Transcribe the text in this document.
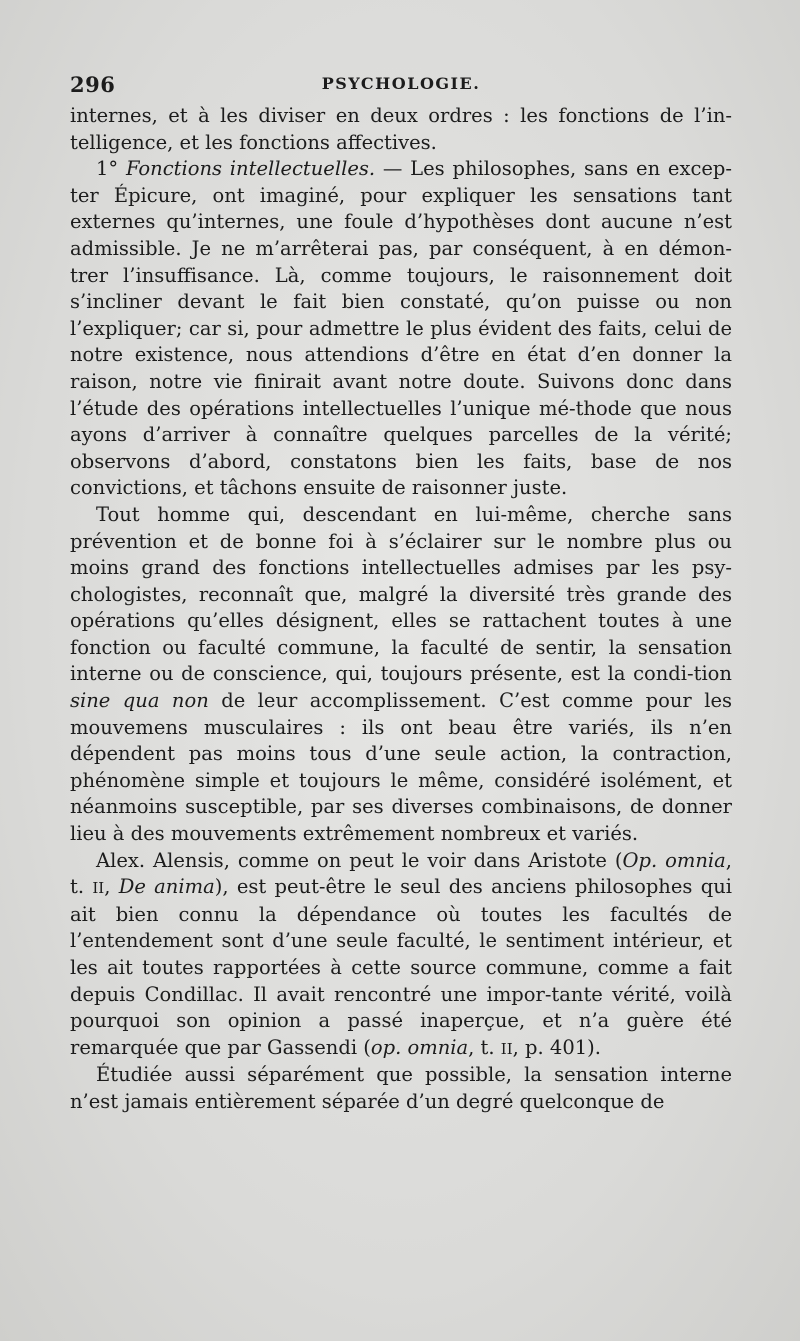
296	PSYCHOLOGIE.

internes, et à les diviser en deux ordres : les fonctions de l’in-telligence, et les fonctions affectives.

1° Fonctions intellectuelles. — Les philosophes, sans en excep-ter Épicure, ont imaginé, pour expliquer les sensations tant externes qu’internes, une foule d’hypothèses dont aucune n’est admissible. Je ne m’arrêterai pas, par conséquent, à en démon-trer l’insuffisance. Là, comme toujours, le raisonnement doit s’incliner devant le fait bien constaté, qu’on puisse ou non l’expliquer; car si, pour admettre le plus évident des faits, celui de notre existence, nous attendions d’être en état d’en donner la raison, notre vie finirait avant notre doute. Suivons donc dans l’étude des opérations intellectuelles l’unique mé-thode que nous ayons d’arriver à connaître quelques parcelles de la vérité; observons d’abord, constatons bien les faits, base de nos convictions, et tâchons ensuite de raisonner juste.

Tout homme qui, descendant en lui-même, cherche sans prévention et de bonne foi à s’éclairer sur le nombre plus ou moins grand des fonctions intellectuelles admises par les psy-chologistes, reconnaît que, malgré la diversité très grande des opérations qu’elles désignent, elles se rattachent toutes à une fonction ou faculté commune, la faculté de sentir, la sensation interne ou de conscience, qui, toujours présente, est la condi-tion sine qua non de leur accomplissement. C’est comme pour les mouvemens musculaires : ils ont beau être variés, ils n’en dépendent pas moins tous d’une seule action, la contraction, phénomène simple et toujours le même, considéré isolément, et néanmoins susceptible, par ses diverses combinaisons, de donner lieu à des mouvements extrêmement nombreux et variés.

Alex. Alensis, comme on peut le voir dans Aristote (Op. omnia, t. II, De anima), est peut-être le seul des anciens philosophes qui ait bien connu la dépendance où toutes les facultés de l’entendement sont d’une seule faculté, le sentiment intérieur, et les ait toutes rapportées à cette source commune, comme a fait depuis Condillac. Il avait rencontré une impor-tante vérité, voilà pourquoi son opinion a passé inaperçue, et n’a guère été remarquée que par Gassendi (op. omnia, t. II, p. 401).

Étudiée aussi séparément que possible, la sensation interne n’est jamais entièrement séparée d’un degré quelconque de
